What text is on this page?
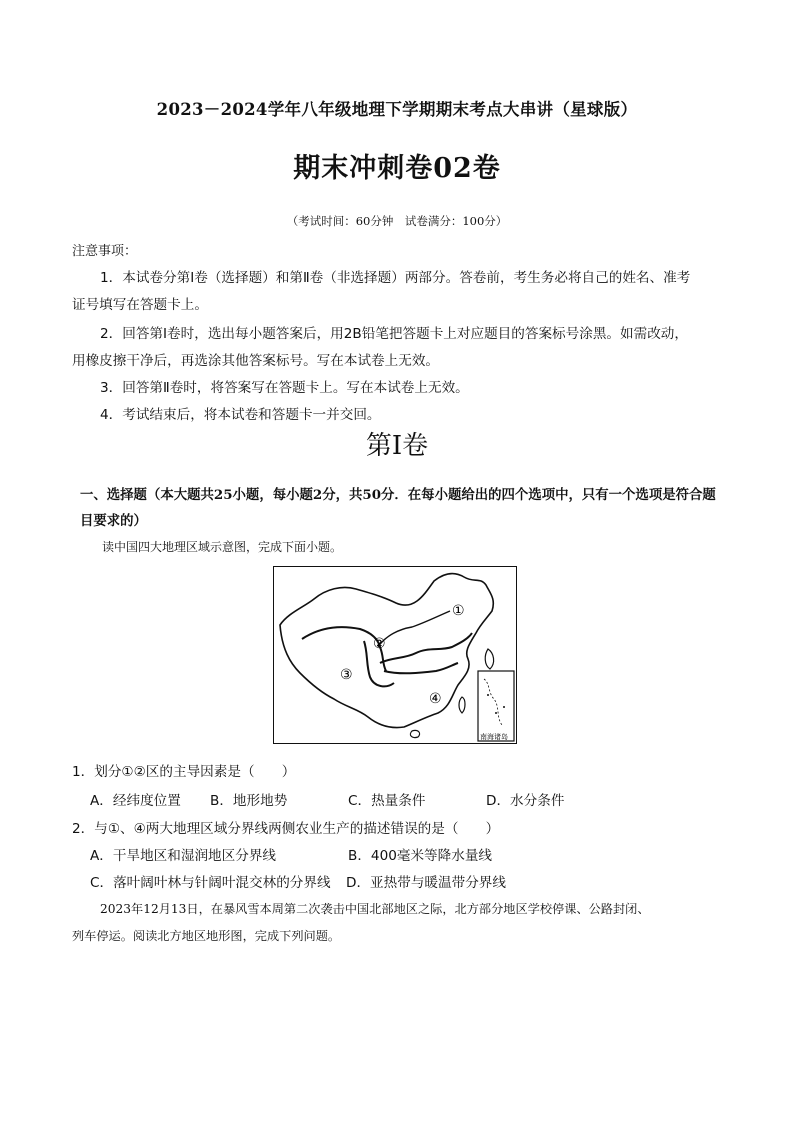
2023－2024学年八年级地理下学期期末考点大串讲（星球版）
期末冲刺卷02卷
（考试时间：60分钟　试卷满分：100分）
注意事项：
1．本试卷分第Ⅰ卷（选择题）和第Ⅱ卷（非选择题）两部分。答卷前，考生务必将自己的姓名、准考
证号填写在答题卡上。
2．回答第Ⅰ卷时，选出每小题答案后，用2B铅笔把答题卡上对应题目的答案标号涂黑。如需改动，
用橡皮擦干净后，再选涂其他答案标号。写在本试卷上无效。
3．回答第Ⅱ卷时，将答案写在答题卡上。写在本试卷上无效。
4．考试结束后，将本试卷和答题卡一并交回。
第Ⅰ卷
一、选择题（本大题共25小题，每小题2分，共50分．在每小题给出的四个选项中，只有一个选项是符合题目要求的）
读中国四大地理区域示意图，完成下面小题。
①
②
③
④
南海诸岛
1．划分①②区的主导因素是（　　）
A．经纬度位置 B．地形地势	C．热量条件	D．水分条件
2．与①、④两大地理区域分界线两侧农业生产的描述错误的是（　　）
A．干旱地区和湿润地区分界线	B．400毫米等降水量线
C．落叶阔叶林与针阔叶混交林的分界线 D．亚热带与暖温带分界线
2023年12月13日，在暴风雪本周第二次袭击中国北部地区之际，北方部分地区学校停课、公路封闭、
列车停运。阅读北方地区地形图，完成下列问题。
